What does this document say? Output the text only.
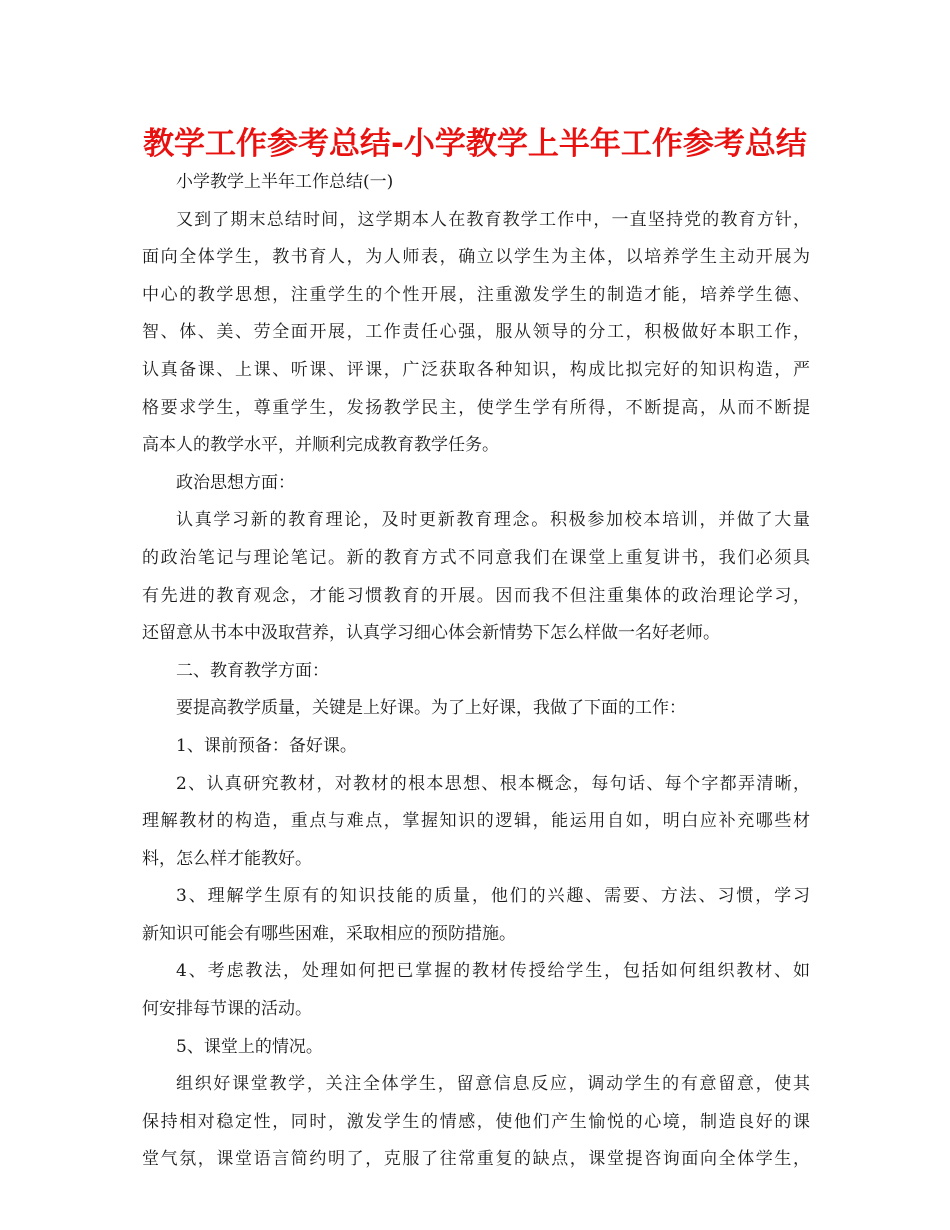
教学工作参考总结-小学教学上半年工作参考总结
小学教学上半年工作总结(一)
又到了期末总结时间，这学期本人在教育教学工作中，一直坚持党的教育方针，
面向全体学生，教书育人，为人师表，确立以学生为主体，以培养学生主动开展为
中心的教学思想，注重学生的个性开展，注重激发学生的制造才能，培养学生德、
智、体、美、劳全面开展，工作责任心强，服从领导的分工，积极做好本职工作，
认真备课、上课、听课、评课，广泛获取各种知识，构成比拟完好的知识构造，严
格要求学生，尊重学生，发扬教学民主，使学生学有所得，不断提高，从而不断提
高本人的教学水平，并顺利完成教育教学任务。
政治思想方面：
认真学习新的教育理论，及时更新教育理念。积极参加校本培训，并做了大量
的政治笔记与理论笔记。新的教育方式不同意我们在课堂上重复讲书，我们必须具
有先进的教育观念，才能习惯教育的开展。因而我不但注重集体的政治理论学习，
还留意从书本中汲取营养，认真学习细心体会新情势下怎么样做一名好老师。
二、教育教学方面：
要提高教学质量，关键是上好课。为了上好课，我做了下面的工作：
1、课前预备：备好课。
2、认真研究教材，对教材的根本思想、根本概念，每句话、每个字都弄清晰，
理解教材的构造，重点与难点，掌握知识的逻辑，能运用自如，明白应补充哪些材
料，怎么样才能教好。
3、理解学生原有的知识技能的质量，他们的兴趣、需要、方法、习惯，学习
新知识可能会有哪些困难，采取相应的预防措施。
4、考虑教法，处理如何把已掌握的教材传授给学生，包括如何组织教材、如
何安排每节课的活动。
5、课堂上的情况。
组织好课堂教学，关注全体学生，留意信息反应，调动学生的有意留意，使其
保持相对稳定性，同时，激发学生的情感，使他们产生愉悦的心境，制造良好的课
堂气氛，课堂语言简约明了，克服了往常重复的缺点，课堂提咨询面向全体学生，
